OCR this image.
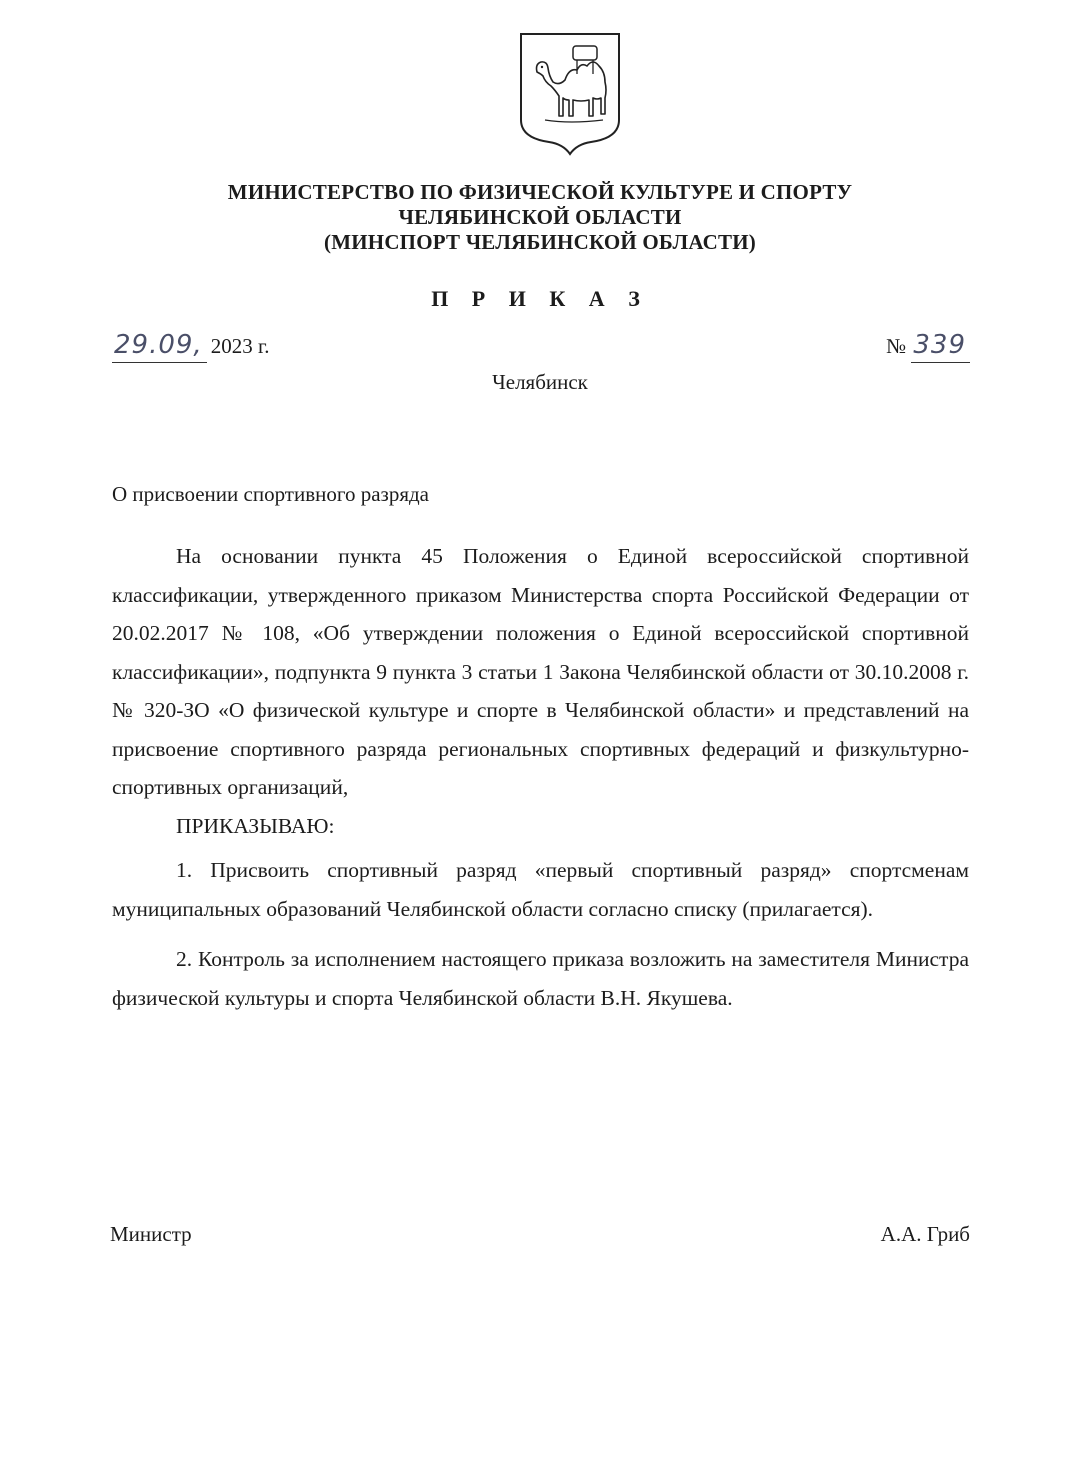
МИНИСТЕРСТВО ПО ФИЗИЧЕСКОЙ КУЛЬТУРЕ И СПОРТУ
ЧЕЛЯБИНСКОЙ ОБЛАСТИ
(МИНСПОРТ ЧЕЛЯБИНСКОЙ ОБЛАСТИ)
П Р И К А З
29.09, 2023 г.	№ 339
Челябинск
О присвоении спортивного разряда

На основании пункта 45 Положения о Единой всероссийской спортивной классификации, утвержденного приказом Министерства спорта Российской Федерации от 20.02.2017 № 108, «Об утверждении положения о Единой всероссийской спортивной классификации», подпункта 9 пункта 3 статьи 1 Закона Челябинской области от 30.10.2008 г. № 320-ЗО «О физической культуре и спорте в Челябинской области» и представлений на присвоение спортивного разряда региональных спортивных федераций и физкультурно-спортивных организаций,

ПРИКАЗЫВАЮ:

1. Присвоить спортивный разряд «первый спортивный разряд» спортсменам муниципальных образований Челябинской области согласно списку (прилагается).

2. Контроль за исполнением настоящего приказа возложить на заместителя Министра физической культуры и спорта Челябинской области В.Н. Якушева.

Министр	А.А. Гриб
